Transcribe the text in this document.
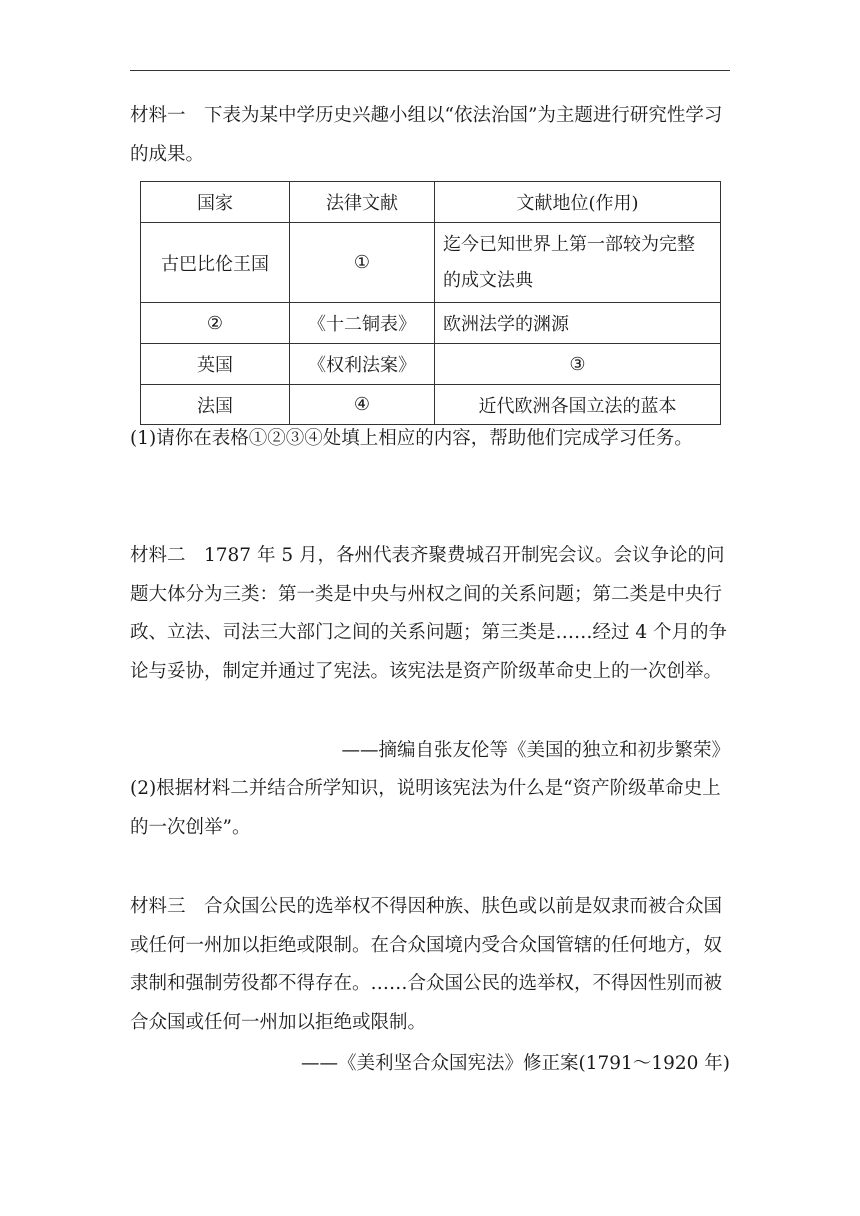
材料一　下表为某中学历史兴趣小组以“依法治国”为主题进行研究性学习的成果。

国家	法律文献	文献地位(作用)
古巴比伦王国	①	迄今已知世界上第一部较为完整的成文法典
②	《十二铜表》	欧洲法学的渊源
英国	《权利法案》	③
法国	④	近代欧洲各国立法的蓝本

(1)请你在表格①②③④处填上相应的内容，帮助他们完成学习任务。

材料二　1787 年 5 月，各州代表齐聚费城召开制宪会议。会议争论的问题大体分为三类：第一类是中央与州权之间的关系问题；第二类是中央行政、立法、司法三大部门之间的关系问题；第三类是……经过 4 个月的争论与妥协，制定并通过了宪法。该宪法是资产阶级革命史上的一次创举。

——摘编自张友伦等《美国的独立和初步繁荣》

(2)根据材料二并结合所学知识，说明该宪法为什么是“资产阶级革命史上的一次创举”。

材料三　合众国公民的选举权不得因种族、肤色或以前是奴隶而被合众国或任何一州加以拒绝或限制。在合众国境内受合众国管辖的任何地方，奴隶制和强制劳役都不得存在。……合众国公民的选举权，不得因性别而被合众国或任何一州加以拒绝或限制。

——《美利坚合众国宪法》修正案(1791～1920 年)
